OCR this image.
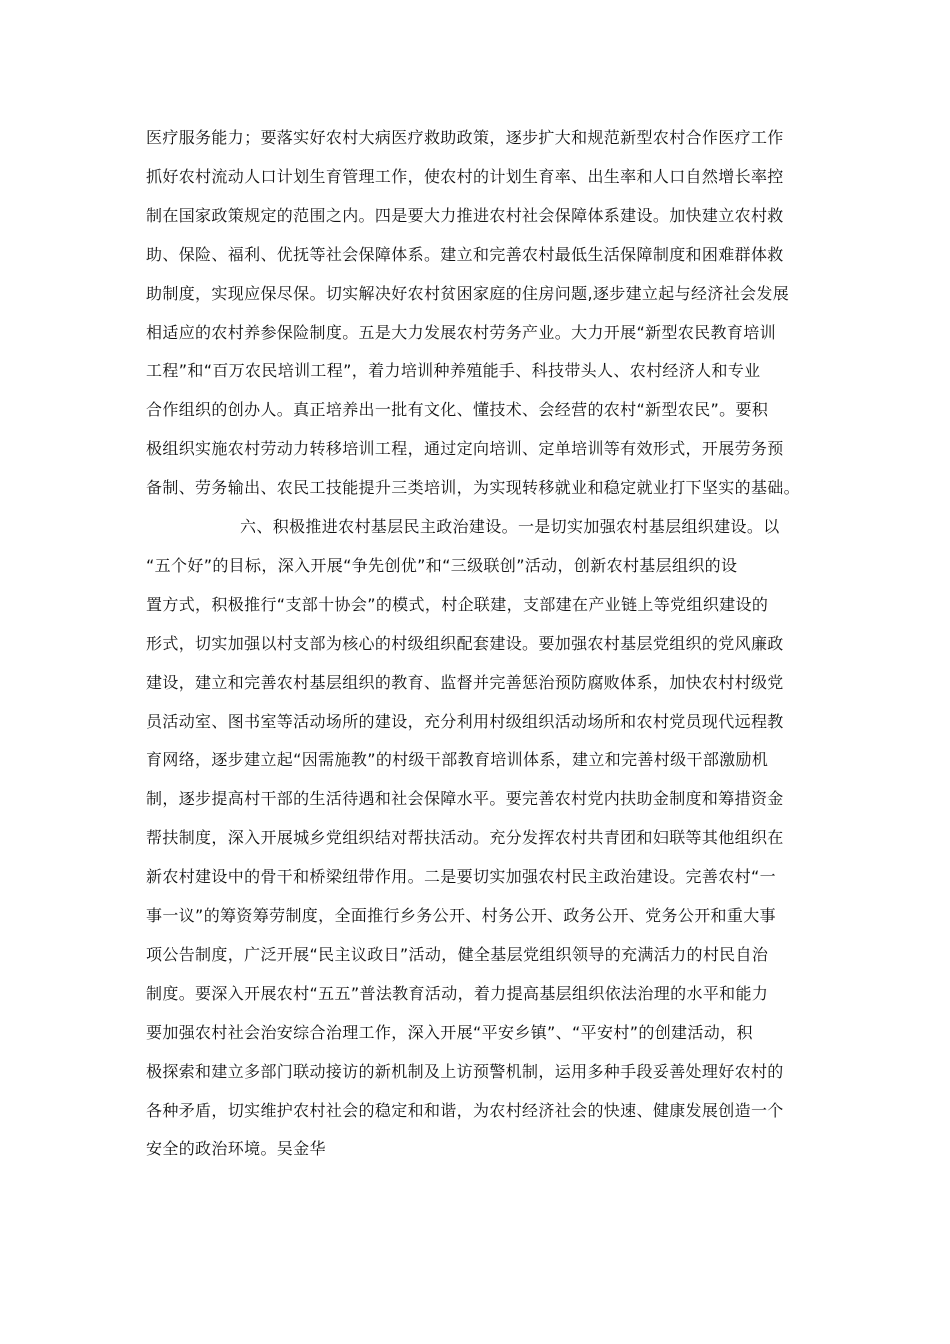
医疗服务能力；要落实好农村大病医疗救助政策，逐步扩大和规范新型农村合作医疗工作
抓好农村流动人口计划生育管理工作，使农村的计划生育率、出生率和人口自然增长率控
制在国家政策规定的范围之内。四是要大力推进农村社会保障体系建设。加快建立农村救
助、保险、福利、优抚等社会保障体系。建立和完善农村最低生活保障制度和困难群体救
助制度，实现应保尽保。切实解决好农村贫困家庭的住房问题,逐步建立起与经济社会发展
相适应的农村养参保险制度。五是大力发展农村劳务产业。大力开展“新型农民教育培训
工程”和“百万农民培训工程”，着力培训种养殖能手、科技带头人、农村经济人和专业
合作组织的创办人。真正培养出一批有文化、懂技术、会经营的农村“新型农民”。要积
极组织实施农村劳动力转移培训工程，通过定向培训、定单培训等有效形式，开展劳务预
备制、劳务输出、农民工技能提升三类培训，为实现转移就业和稳定就业打下坚实的基础。
六、积极推进农村基层民主政治建设。一是切实加强农村基层组织建设。以
“五个好”的目标，深入开展“争先创优”和“三级联创”活动，创新农村基层组织的设
置方式，积极推行“支部十协会”的模式，村企联建，支部建在产业链上等党组织建设的
形式，切实加强以村支部为核心的村级组织配套建设。要加强农村基层党组织的党风廉政
建设，建立和完善农村基层组织的教育、监督并完善惩治预防腐败体系，加快农村村级党
员活动室、图书室等活动场所的建设，充分利用村级组织活动场所和农村党员现代远程教
育网络，逐步建立起“因需施教”的村级干部教育培训体系，建立和完善村级干部激励机
制，逐步提高村干部的生活待遇和社会保障水平。要完善农村党内扶助金制度和筹措资金
帮扶制度，深入开展城乡党组织结对帮扶活动。充分发挥农村共青团和妇联等其他组织在
新农村建设中的骨干和桥梁纽带作用。二是要切实加强农村民主政治建设。完善农村“一
事一议”的筹资筹劳制度，全面推行乡务公开、村务公开、政务公开、党务公开和重大事
项公告制度，广泛开展“民主议政日”活动，健全基层党组织领导的充满活力的村民自治
制度。要深入开展农村“五五”普法教育活动，着力提高基层组织依法治理的水平和能力
要加强农村社会治安综合治理工作，深入开展“平安乡镇”、“平安村”的创建活动，积
极探索和建立多部门联动接访的新机制及上访预警机制，运用多种手段妥善处理好农村的
各种矛盾，切实维护农村社会的稳定和和谐，为农村经济社会的快速、健康发展创造一个
安全的政治环境。吴金华
